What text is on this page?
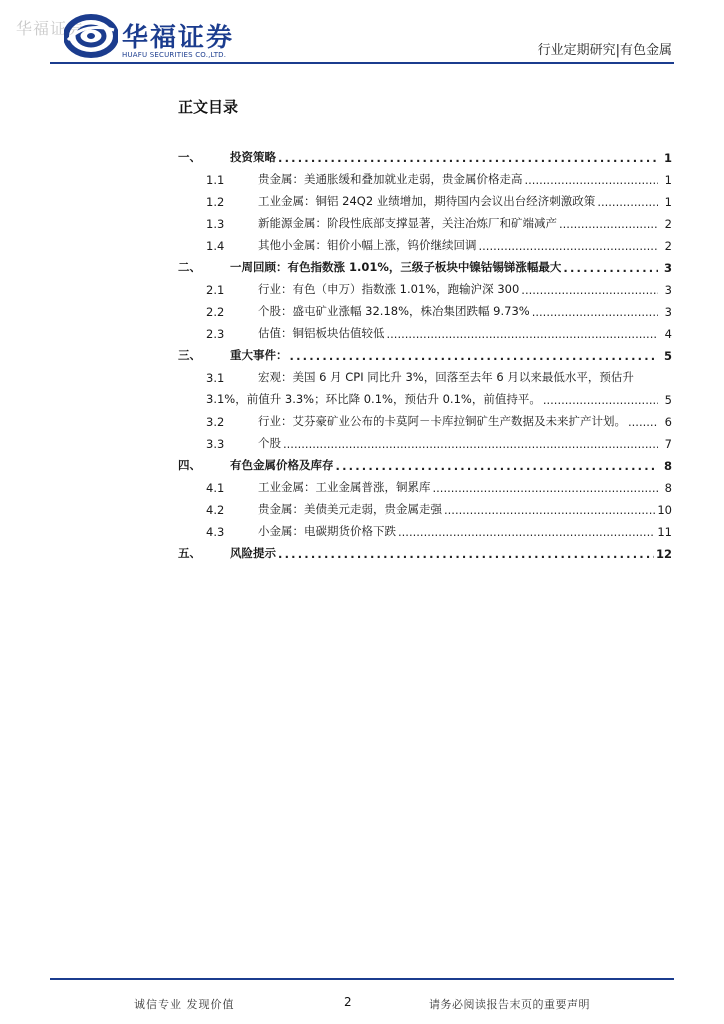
华福证券 华福证券
HUAFU SECURITIES CO.,LTD.	行业定期研究|有色金属
正文目录
一、	投资策略 .....	1
1.1	贵金属：美通胀缓和叠加就业走弱，贵金属价格走高 .....	1
1.2	工业金属：铜铝 24Q2 业绩增加，期待国内会议出台经济刺激政策 .....	1
1.3	新能源金属：阶段性底部支撑显著，关注冶炼厂和矿端减产 .....	2
1.4	其他小金属：钼价小幅上涨，钨价继续回调 .....	2
二、	一周回顾：有色指数涨 1.01%，三级子板块中镍钴锡锑涨幅最大 .....	3
2.1	行业：有色（申万）指数涨 1.01%，跑输沪深 300 .....	3
2.2	个股：盛屯矿业涨幅 32.18%，株冶集团跌幅 9.73% .....	3
2.3	估值：铜铝板块估值较低 .....	4
三、	重大事件： .....	5
3.1	宏观：美国 6 月 CPI 同比升 3%，回落至去年 6 月以来最低水平，预估升
3.1%，前值升 3.3%；环比降 0.1%，预估升 0.1%，前值持平。 .....	5
3.2	行业：艾芬豪矿业公布的卡莫阿－卡库拉铜矿生产数据及未来扩产计划。 .....	6
3.3	个股 .....	7
四、	有色金属价格及库存 .....	8
4.1	工业金属：工业金属普涨，铜累库 .....	8
4.2	贵金属：美债美元走弱，贵金属走强 .....	10
4.3	小金属：电碳期货价格下跌 .....	11
五、	风险提示 .....	12
诚信专业 发现价值	2	请务必阅读报告末页的重要声明
